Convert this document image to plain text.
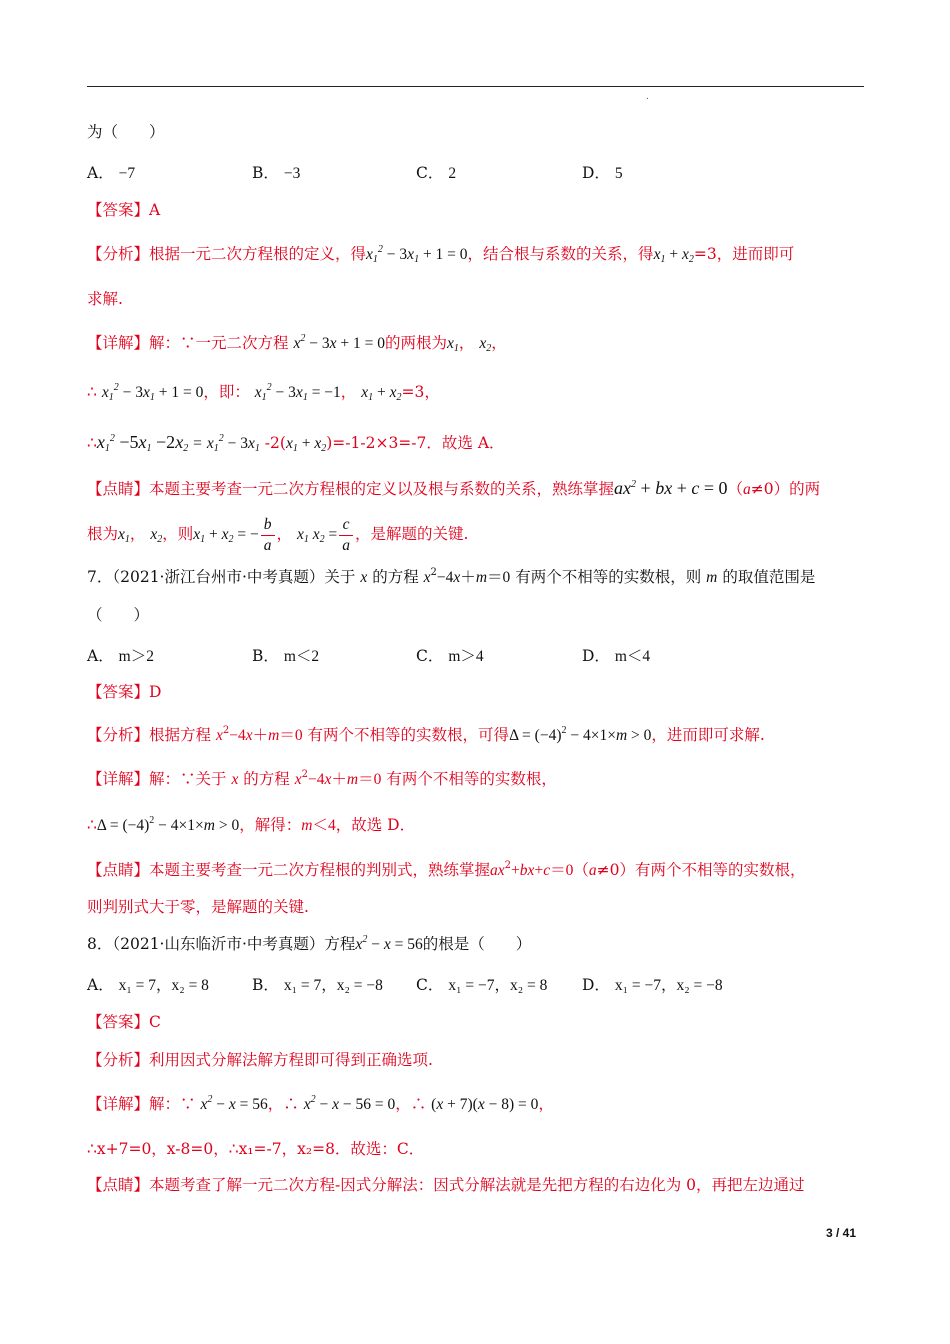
.
为（　　）
A． −7	B． −3	C． 2	D． 5
【答案】A
【分析】根据一元二次方程根的定义，得$x_1^2 - 3x_1 + 1 = 0$，结合根与系数的关系，得$x_1 + x_2=3$，进而即可
求解.
【详解】解：∵一元二次方程 $x^2 - 3x + 1 = 0$的两根为$x_1$， $x_2$，
∴ $x_1^2 - 3x_1 + 1 = 0$，即： $x_1^2 - 3x_1 = -1$， $x_1 + x_2=3$，
$\therefore x_1^2 -5x_1 -2x_2 = x_1^2 - 3x_1$ $-2(x_1 + x_2)=-1-2\times 3=-7$．故选 A．
【点睛】本题主要考查一元二次方程根的定义以及根与系数的关系，熟练掌握$ax^2$ + bx + c = 0（a≠0）的两
根为$x_1$， $x_2$，则$x_1 + x_2$ = − $\frac{b}{a}$ ， $x_1$ $x_2 = \frac{c}{a}$ ，是解题的关键.
7．（2021·浙江台州市·中考真题）关于 x 的方程 $x^2-4x+m=0$ 有两个不相等的实数根，则 m 的取值范围是
（　　）
A． m＞2	B． m＜2	C． m＞4	D． m＜4
【答案】D
【分析】根据方程 $x^2-4x+m=0$ 有两个不相等的实数根，可得$\Delta = (-4)^2 - 4\times 1\times m > 0$，进而即可求解.
【详解】解：∵关于 x 的方程 $x^2-4x+m=0$ 有两个不相等的实数根，
∴Δ = $(-4)^2 - 4\times 1\times m > 0$，解得：m＜4，故选 D．
【点睛】本题主要考查一元二次方程根的判别式，熟练掌握$ax^2+bx+c=0(a\ne 0)$有两个不相等的实数根，
则判别式大于零，是解题的关键.
8．（2021·山东临沂市·中考真题）方程$x^2 - x = 56$的根是（　　）
A． x₁ = 7，x₂ = 8	B． x₁ = 7，x₂ = −8 C． x₁ = −7，x₂ = 8 D． x₁ = −7，x₂ = −8
【答案】C
【分析】利用因式分解法解方程即可得到正确选项.
【详解】解：∵ $x^2 - x = 56$，∴ $x^2 - x - 56 = 0$，∴ (x + 7)(x − 8) = 0，
∴x+7=0，x-8=0，∴x₁=-7，x₂=8．故选：C．
【点睛】本题考查了解一元二次方程-因式分解法：因式分解法就是先把方程的右边化为 0，再把左边通过
3 / 41
